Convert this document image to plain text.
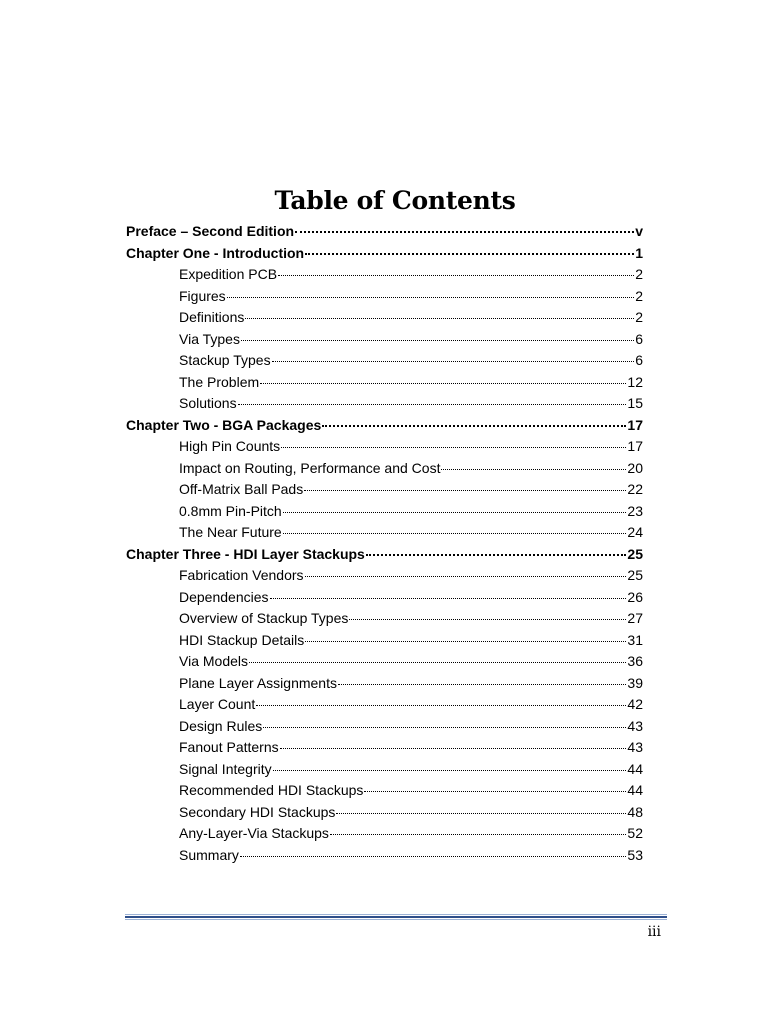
Table of Contents
Preface – Second Edition	v
Chapter One - Introduction	1
Expedition PCB	2
Figures	2
Definitions	2
Via Types	6
Stackup Types	6
The Problem	12
Solutions	15
Chapter Two - BGA Packages	17
High Pin Counts	17
Impact on Routing, Performance and Cost	20
Off-Matrix Ball Pads	22
0.8mm Pin-Pitch	23
The Near Future	24
Chapter Three - HDI Layer Stackups	25
Fabrication Vendors	25
Dependencies	26
Overview of Stackup Types	27
HDI Stackup Details	31
Via Models	36
Plane Layer Assignments	39
Layer Count	42
Design Rules	43
Fanout Patterns	43
Signal Integrity	44
Recommended HDI Stackups	44
Secondary HDI Stackups	48
Any-Layer-Via Stackups	52
Summary	53
iii
